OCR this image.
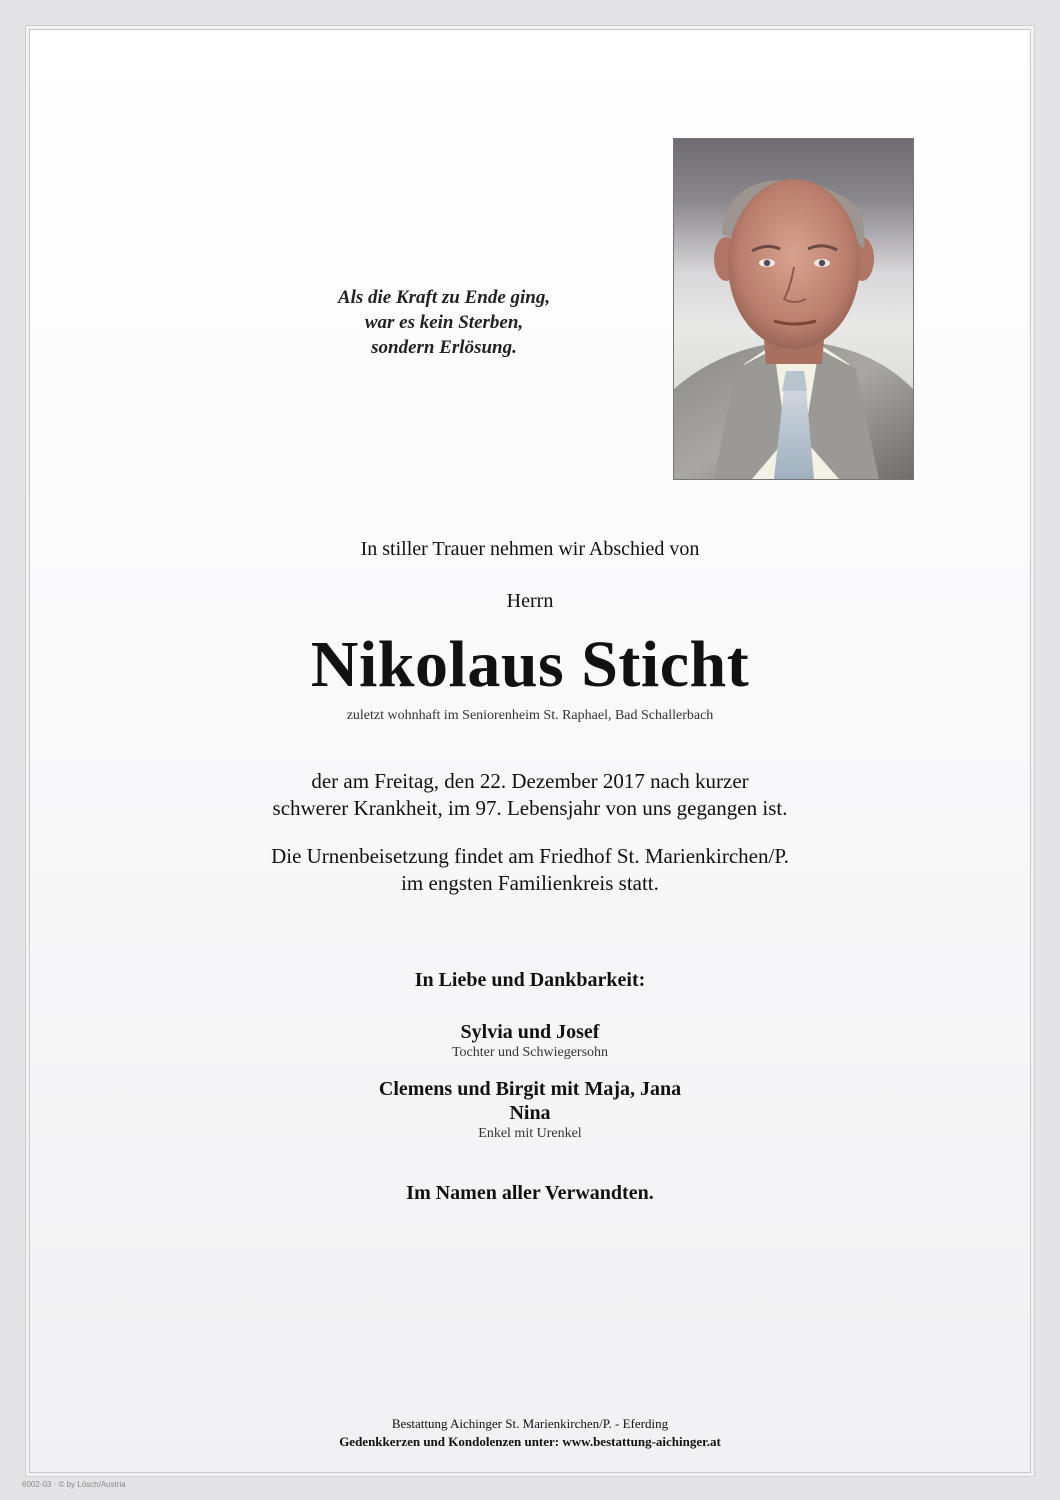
Als die Kraft zu Ende ging,
war es kein Sterben,
sondern Erlösung.
In stiller Trauer nehmen wir Abschied von
Herrn
Nikolaus Sticht
zuletzt wohnhaft im Seniorenheim St. Raphael, Bad Schallerbach
der am Freitag, den 22. Dezember 2017 nach kurzer
schwerer Krankheit, im 97. Lebensjahr von uns gegangen ist.
Die Urnenbeisetzung findet am Friedhof St. Marienkirchen/P.
im engsten Familienkreis statt.
In Liebe und Dankbarkeit:
Sylvia und Josef
Tochter und Schwiegersohn
Clemens und Birgit mit Maja, Jana
Nina
Enkel mit Urenkel
Im Namen aller Verwandten.
Bestattung Aichinger St. Marienkirchen/P. - Eferding
Gedenkkerzen und Kondolenzen unter: www.bestattung-aichinger.at
6002-03 · © by Lösch/Austria
